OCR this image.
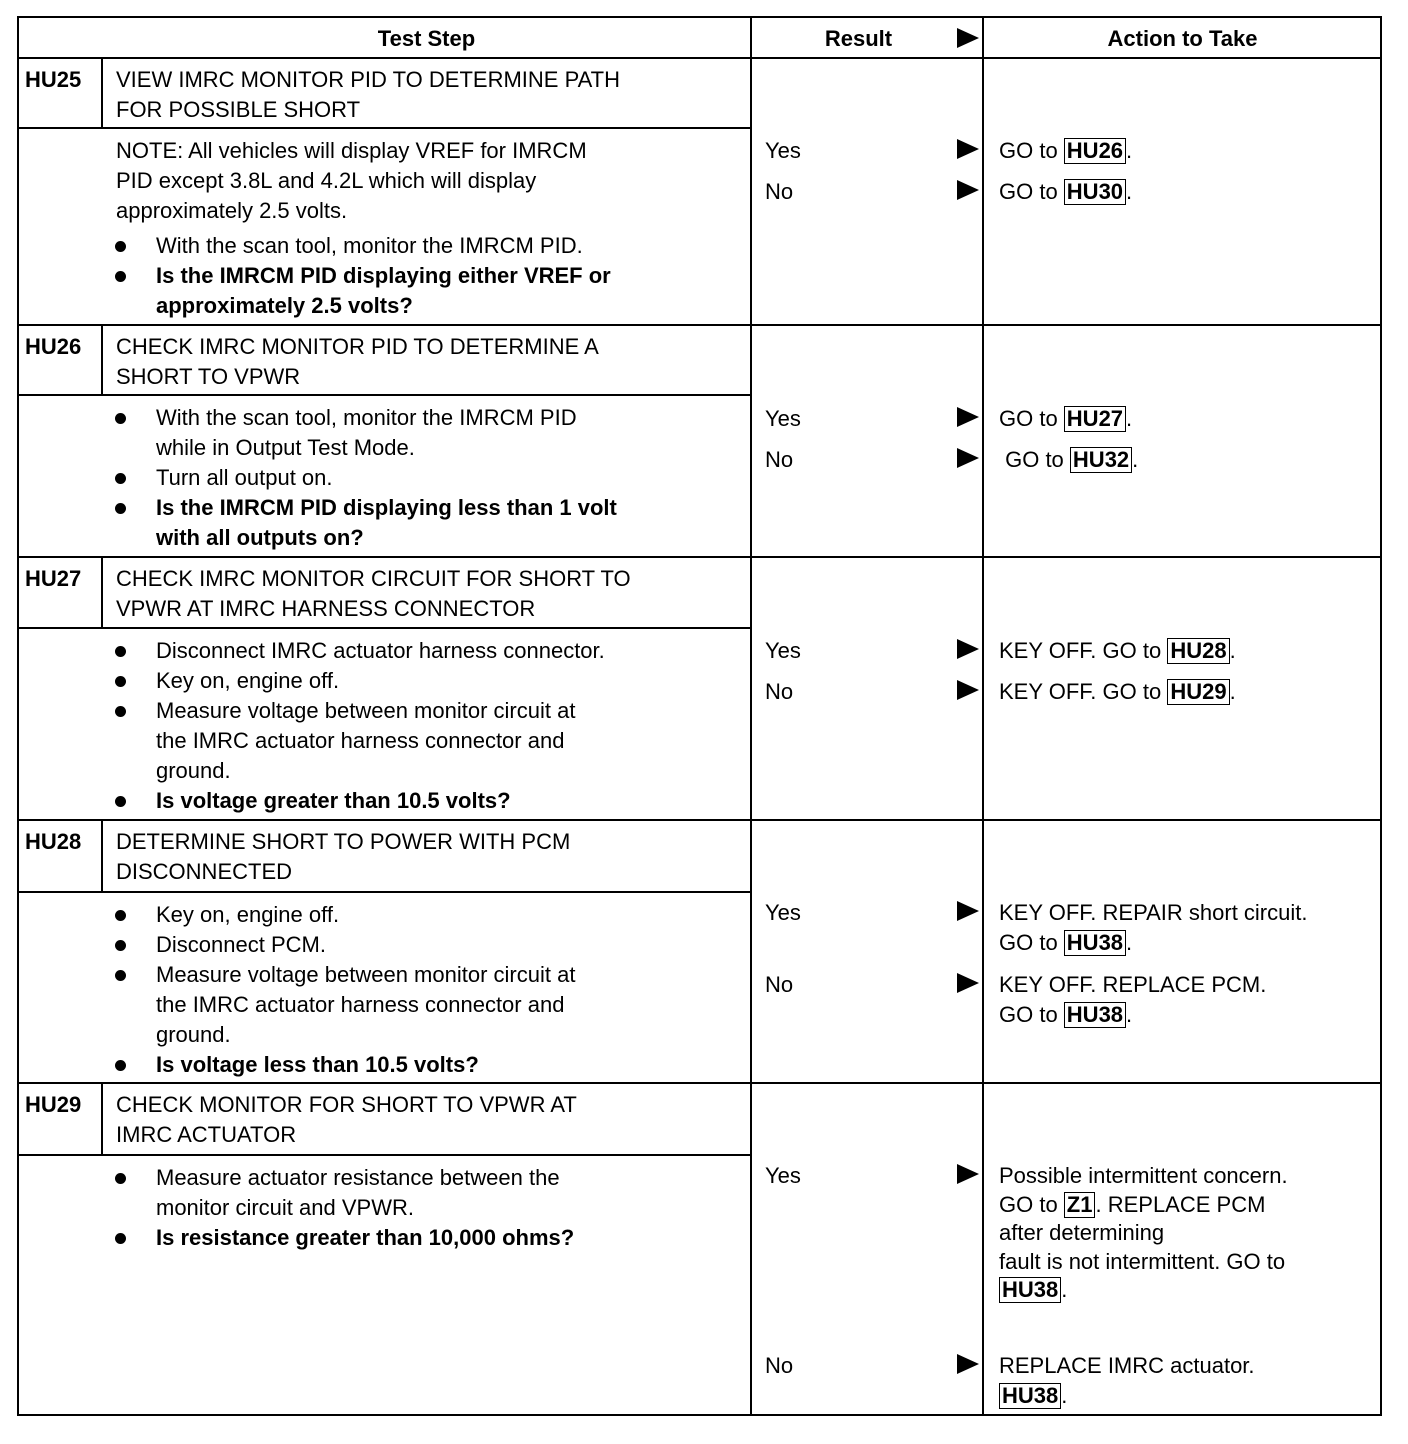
Test Step	Result	Action to Take
HU25 VIEW IMRC MONITOR PID TO DETERMINE PATH
FOR POSSIBLE SHORT
NOTE: All vehicles will display VREF for IMRCM
PID except 3.8L and 4.2L which will display
approximately 2.5 volts.
With the scan tool, monitor the IMRCM PID.
Is the IMRCM PID displaying either VREF or
approximately 2.5 volts?
Yes	GO to HU26 .
No	GO to HU30 .
HU26 CHECK IMRC MONITOR PID TO DETERMINE A
SHORT TO VPWR
With the scan tool, monitor the IMRCM PID
while in Output Test Mode.
Turn all output on.
Is the IMRCM PID displaying less than 1 volt
with all outputs on?
Yes	GO to HU27 .
No	GO to HU32 .
HU27 CHECK IMRC MONITOR CIRCUIT FOR SHORT TO
VPWR AT IMRC HARNESS CONNECTOR
Disconnect IMRC actuator harness connector.
Key on, engine off.
Measure voltage between monitor circuit at
the IMRC actuator harness connector and
ground.
Is voltage greater than 10.5 volts?
Yes	KEY OFF. GO to HU28 .
No	KEY OFF. GO to HU29 .
HU28 DETERMINE SHORT TO POWER WITH PCM
DISCONNECTED
Key on, engine off.
Disconnect PCM.
Measure voltage between monitor circuit at
the IMRC actuator harness connector and
ground.
Is voltage less than 10.5 volts?
Yes	KEY OFF. REPAIR short circuit.
GO to HU38 .
No	KEY OFF. REPLACE PCM.
GO to HU38 .
HU29 CHECK MONITOR FOR SHORT TO VPWR AT
IMRC ACTUATOR
Measure actuator resistance between the
monitor circuit and VPWR.
Is resistance greater than 10,000 ohms?
Yes	Possible intermittent concern.
GO to Z1 . REPLACE PCM
after determining
fault is not intermittent. GO to
HU38 .
No	REPLACE IMRC actuator.
HU38 .
